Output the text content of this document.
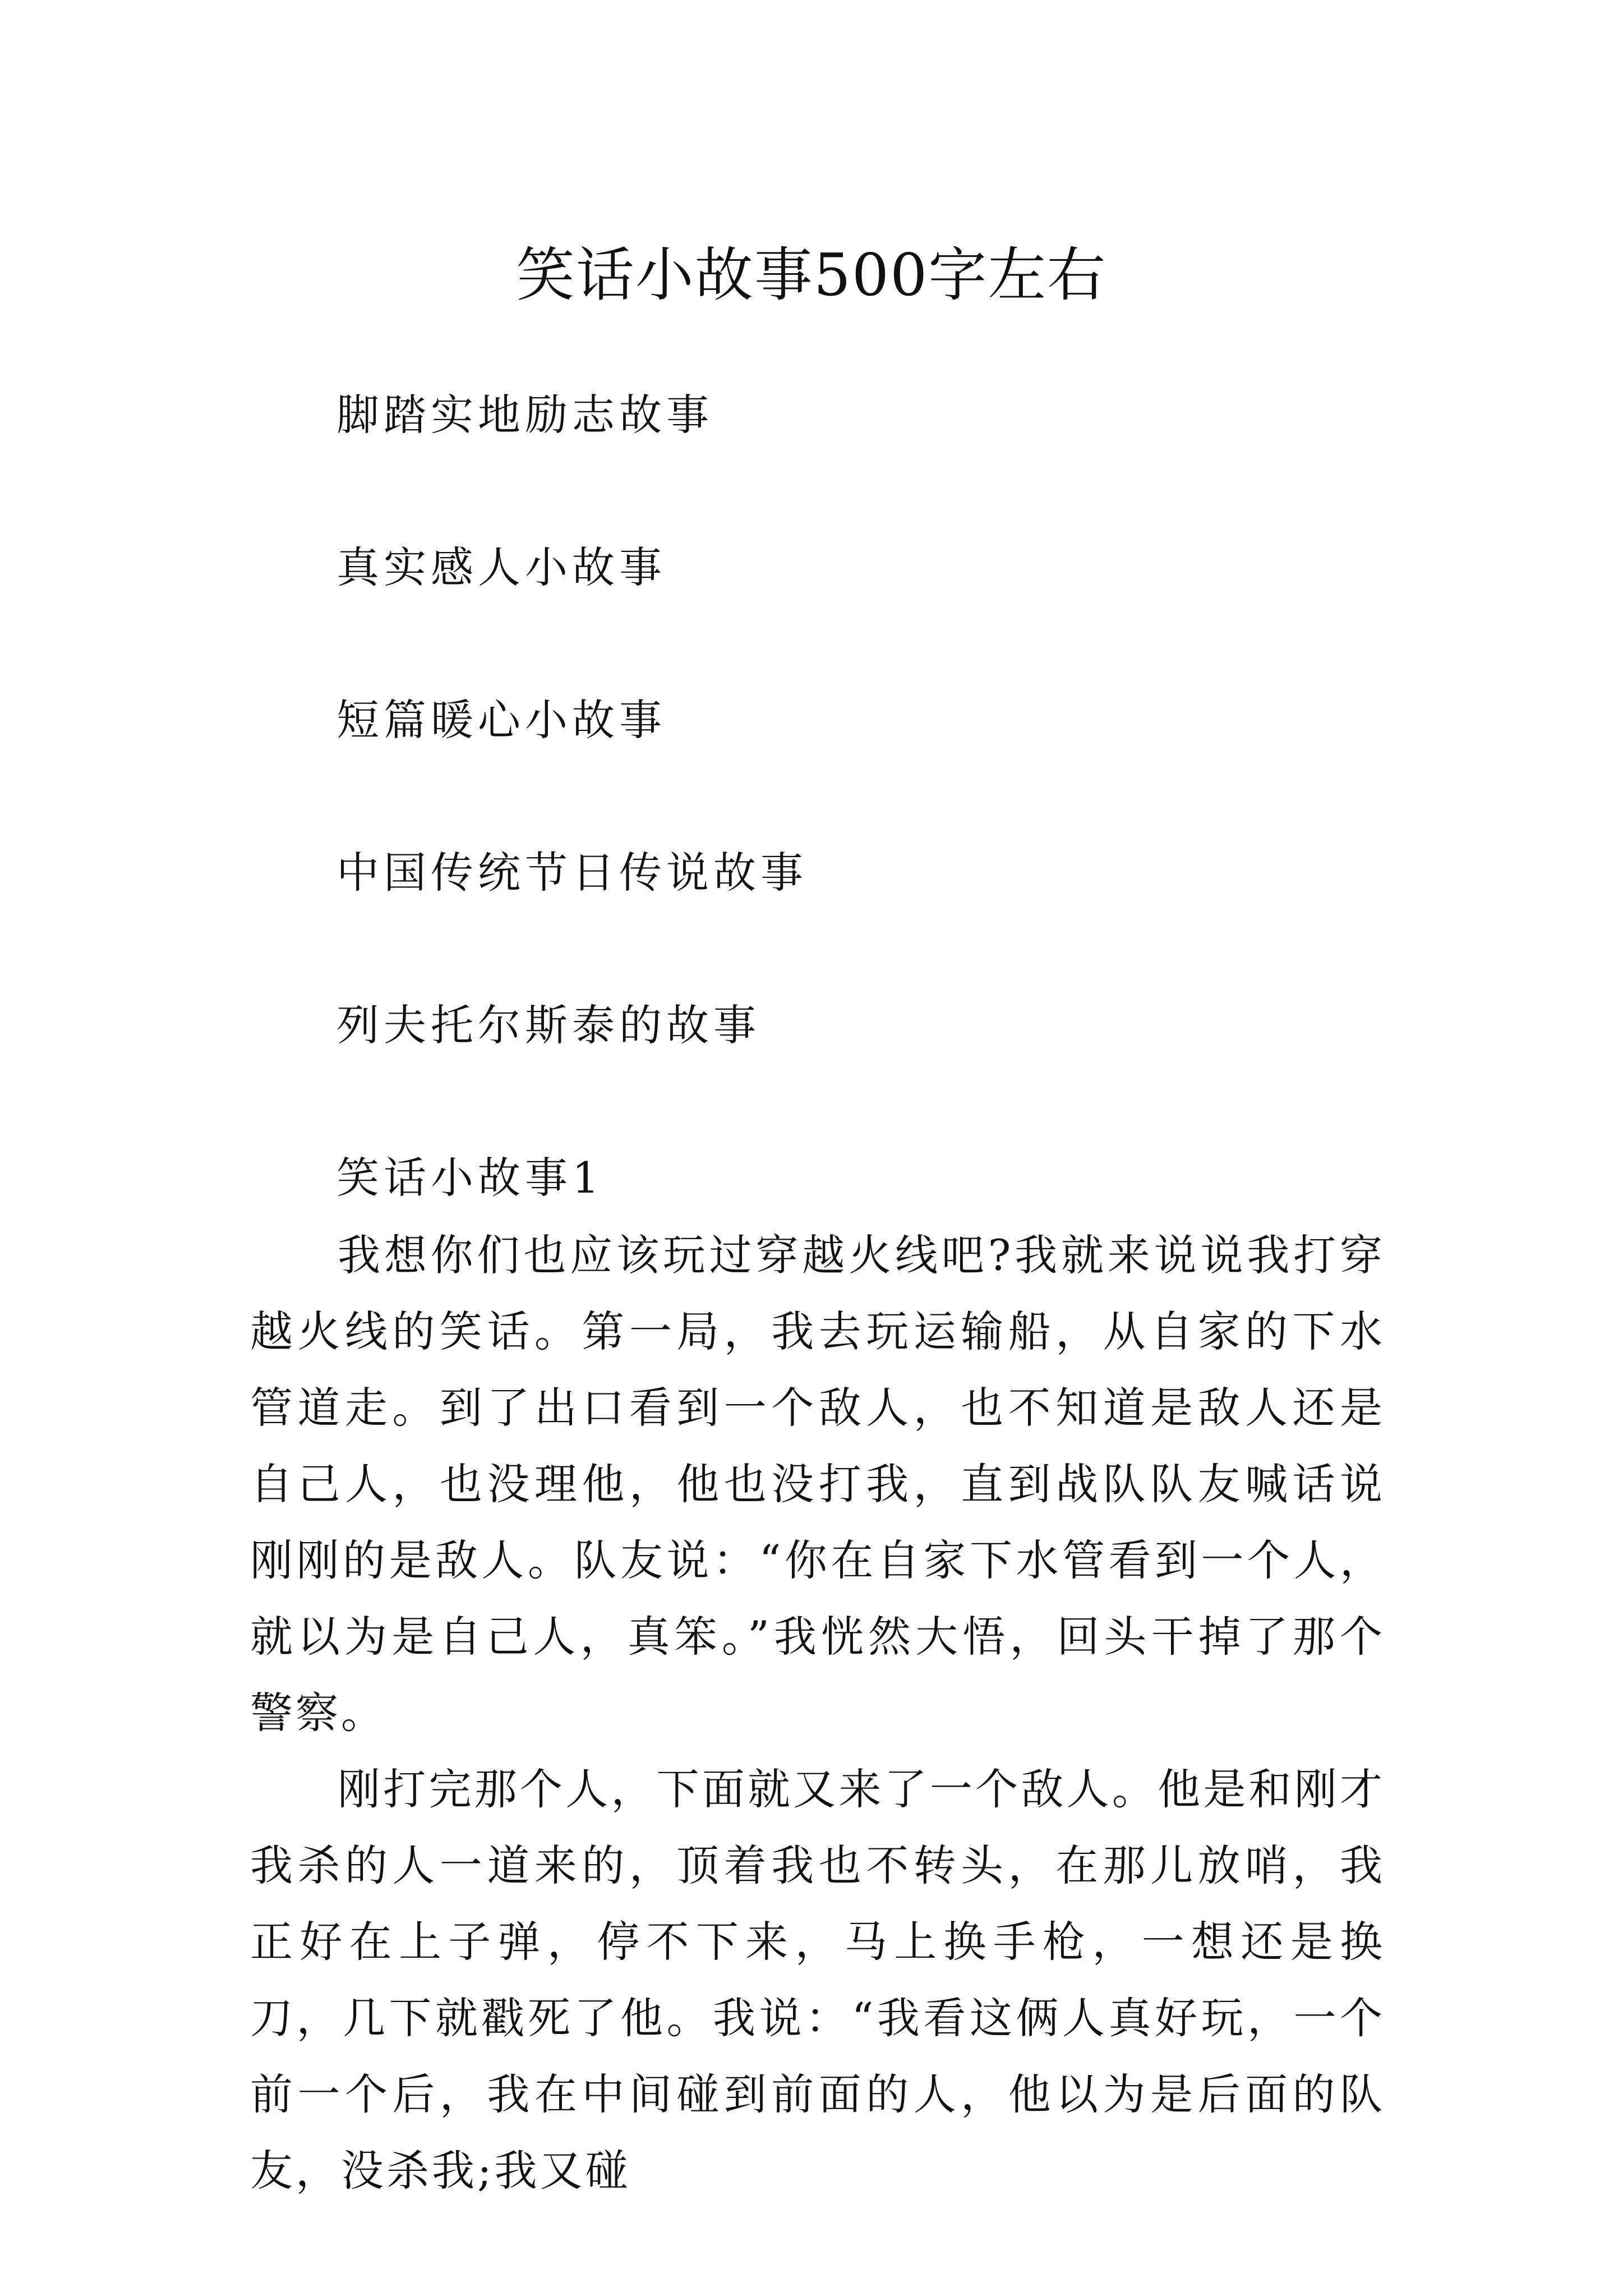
笑话小故事500字左右
脚踏实地励志故事
真实感人小故事
短篇暖心小故事
中国传统节日传说故事
列夫托尔斯泰的故事
笑话小故事1

我想你们也应该玩过穿越火线吧?我就来说说我打穿越火线的笑话。第一局，我去玩运输船，从自家的下水管道走。到了出口看到一个敌人，也不知道是敌人还是自己人，也没理他，他也没打我，直到战队队友喊话说刚刚的是敌人。队友说：“你在自家下水管看到一个人，就以为是自己人，真笨。”我恍然大悟，回头干掉了那个警察。

刚打完那个人，下面就又来了一个敌人。他是和刚才我杀的人一道来的，顶着我也不转头，在那儿放哨，我正好在上子弹，停不下来，马上换手枪，一想还是换刀，几下就戳死了他。我说：“我看这俩人真好玩，一个前一个后，我在中间碰到前面的人，他以为是后面的队友，没杀我;我又碰
